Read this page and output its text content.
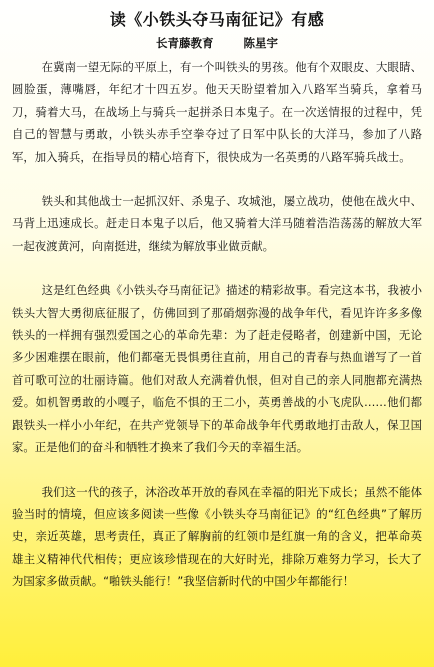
读《小铁头夺马南征记》有感
长青藤教育	陈星宇

在冀南一望无际的平原上，有一个叫铁头的男孩。他有个双眼皮、大眼睛、圆脸蛋，薄嘴唇，年纪才十四五岁。他天天盼望着加入八路军当骑兵，拿着马刀，骑着大马，在战场上与骑兵一起拼杀日本鬼子。在一次送情报的过程中，凭自己的智慧与勇敢，小铁头赤手空拳夺过了日军中队长的大洋马，参加了八路军，加入骑兵，在指导员的精心培育下，很快成为一名英勇的八路军骑兵战士。

铁头和其他战士一起抓汉奸、杀鬼子、攻城池，屡立战功，使他在战火中、马背上迅速成长。赶走日本鬼子以后，他又骑着大洋马随着浩浩荡荡的解放大军一起夜渡黄河，向南挺进，继续为解放事业做贡献。

这是红色经典《小铁头夺马南征记》描述的精彩故事。看完这本书，我被小铁头大智大勇彻底征服了，仿佛回到了那硝烟弥漫的战争年代，看见许许多多像铁头的一样拥有强烈爱国之心的革命先辈：为了赶走侵略者，创建新中国，无论多少困难摆在眼前，他们都毫无畏惧勇往直前，用自己的青春与热血谱写了一首首可歌可泣的壮丽诗篇。他们对敌人充满着仇恨，但对自己的亲人同胞都充满热爱。如机智勇敢的小嘎子，临危不惧的王二小，英勇善战的小飞虎队……他们都跟铁头一样小小年纪，在共产党领导下的革命战争年代勇敢地打击敌人，保卫国家。正是他们的奋斗和牺牲才换来了我们今天的幸福生活。

我们这一代的孩子，沐浴改革开放的春风在幸福的阳光下成长；虽然不能体验当时的情境，但应该多阅读一些像《小铁头夺马南征记》的“红色经典”了解历史，亲近英雄，思考责任，真正了解胸前的红领巾是红旗一角的含义，把革命英雄主义精神代代相传；更应该珍惜现在的大好时光，排除万难努力学习，长大了为国家多做贡献。“啪铁头能行！”我坚信新时代的中国少年都能行！
